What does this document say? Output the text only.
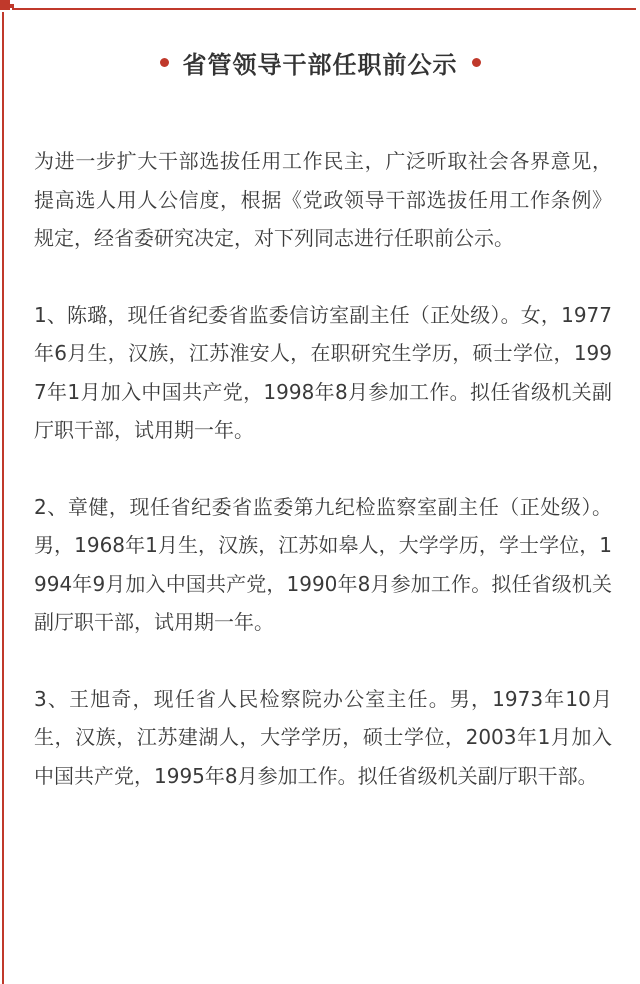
省管领导干部任职前公示

为进一步扩大干部选拔任用工作民主，广泛听取社会各界意见，提高选人用人公信度，根据《党政领导干部选拔任用工作条例》规定，经省委研究决定，对下列同志进行任职前公示。

1、陈璐，现任省纪委省监委信访室副主任（正处级）。女，1977年6月生，汉族，江苏淮安人，在职研究生学历，硕士学位，1997年1月加入中国共产党，1998年8月参加工作。拟任省级机关副厅职干部，试用期一年。

2、章健，现任省纪委省监委第九纪检监察室副主任（正处级）。男，1968年1月生，汉族，江苏如皋人，大学学历，学士学位，1994年9月加入中国共产党，1990年8月参加工作。拟任省级机关副厅职干部，试用期一年。

3、王旭奇，现任省人民检察院办公室主任。男，1973年10月生，汉族，江苏建湖人，大学学历，硕士学位，2003年1月加入中国共产党，1995年8月参加工作。拟任省级机关副厅职干部。
